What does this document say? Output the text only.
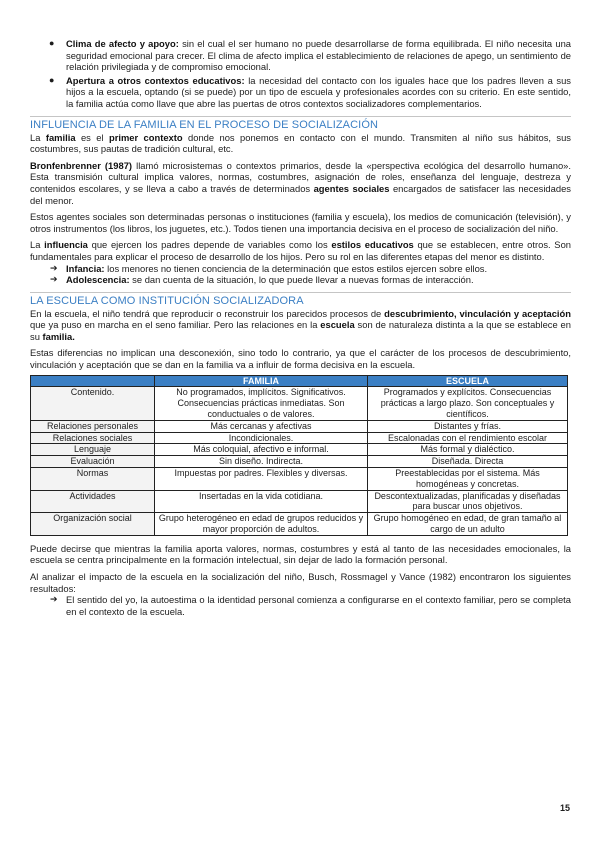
● Clima de afecto y apoyo: sin el cual el ser humano no puede desarrollarse de forma equilibrada. El niño necesita una seguridad emocional para crecer. El clima de afecto implica el establecimiento de relaciones de apego, un sentimiento de relación privilegiada y de compromiso emocional.

● Apertura a otros contextos educativos: la necesidad del contacto con los iguales hace que los padres lleven a sus hijos a la escuela, optando (si se puede) por un tipo de escuela y profesionales acordes con su criterio. En este sentido, la familia actúa como llave que abre las puertas de otros contextos socializadores complementarios.

INFLUENCIA DE LA FAMILIA EN EL PROCESO DE SOCIALIZACIÓN

La familia es el primer contexto donde nos ponemos en contacto con el mundo. Transmiten al niño sus hábitos, sus costumbres, sus pautas de tradición cultural, etc.

Bronfenbrenner (1987) llamó microsistemas o contextos primarios, desde la «perspectiva ecológica del desarrollo humano». Esta transmisión cultural implica valores, normas, costumbres, asignación de roles, enseñanza del lenguaje, destreza y contenidos escolares, y se lleva a cabo a través de determinados agentes sociales encargados de satisfacer las necesidades del menor.

Estos agentes sociales son determinadas personas o instituciones (familia y escuela), los medios de comunicación (televisión), y otros instrumentos (los libros, los juguetes, etc.). Todos tienen una importancia decisiva en el proceso de socialización del niño.

La influencia que ejercen los padres depende de variables como los estilos educativos que se establecen, entre otros. Son fundamentales para explicar el proceso de desarrollo de los hijos. Pero su rol en las diferentes etapas del menor es distinto.

➔ Infancia: los menores no tienen conciencia de la determinación que estos estilos ejercen sobre ellos.

➔ Adolescencia: se dan cuenta de la situación, lo que puede llevar a nuevas formas de interacción.

LA ESCUELA COMO INSTITUCIÓN SOCIALIZADORA

En la escuela, el niño tendrá que reproducir o reconstruir los parecidos procesos de descubrimiento, vinculación y aceptación que ya puso en marcha en el seno familiar. Pero las relaciones en la escuela son de naturaleza distinta a la que se establece en su familia.

Estas diferencias no implican una desconexión, sino todo lo contrario, ya que el carácter de los procesos de descubrimiento, vinculación y aceptación que se dan en la familia va a influir de forma decisiva en la escuela.

	FAMILIA	ESCUELA
Contenido.	No programados, implícitos. Significativos. Consecuencias prácticas inmediatas. Son conductuales o de valores.	Programados y explícitos. Consecuencias prácticas a largo plazo. Son conceptuales y científicos.
Relaciones personales	Más cercanas y afectivas	Distantes y frías.
Relaciones sociales	Incondicionales.	Escalonadas con el rendimiento escolar
Lenguaje	Más coloquial, afectivo e informal.	Más formal y dialéctico.
Evaluación	Sin diseño. Indirecta.	Diseñada. Directa
Normas	Impuestas por padres. Flexibles y diversas.	Preestablecidas por el sistema. Más homogéneas y concretas.
Actividades	Insertadas en la vida cotidiana.	Descontextualizadas, planificadas y diseñadas para buscar unos objetivos.
Organización social	Grupo heterogéneo en edad de grupos reducidos y mayor proporción de adultos.	Grupo homogéneo en edad, de gran tamaño al cargo de un adulto

Puede decirse que mientras la familia aporta valores, normas, costumbres y está al tanto de las necesidades emocionales, la escuela se centra principalmente en la formación intelectual, sin dejar de lado la formación personal.

Al analizar el impacto de la escuela en la socialización del niño, Busch, Rossmagel y Vance (1982) encontraron los siguientes resultados:

➔ El sentido del yo, la autoestima o la identidad personal comienza a configurarse en el contexto familiar, pero se completa en el contexto de la escuela.

15
